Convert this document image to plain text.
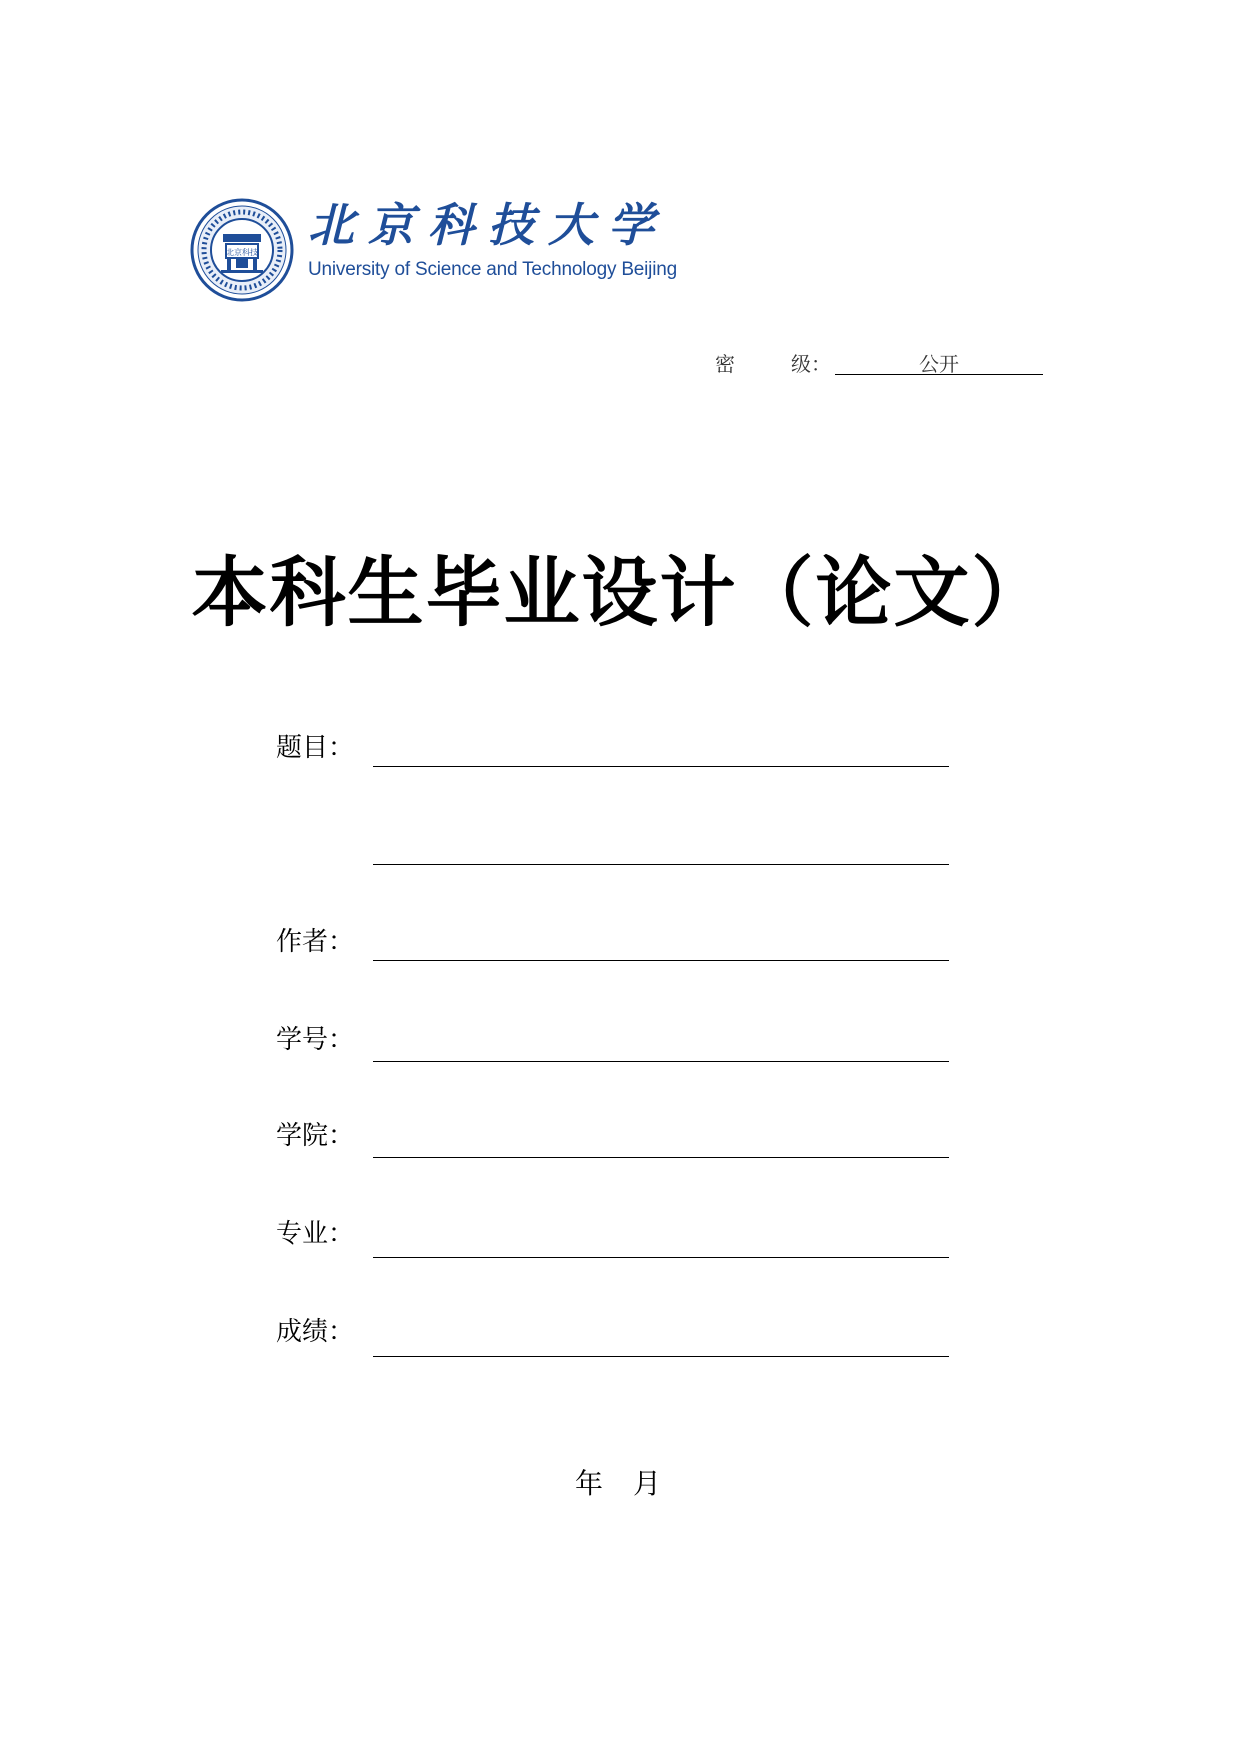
北京科技
北京科技大学
University of Science and Technology Beijing
密	级：	公开
本科生毕业设计（论文）
题目：
作者：
学号：
学院：
专业：
成绩：
年 月
